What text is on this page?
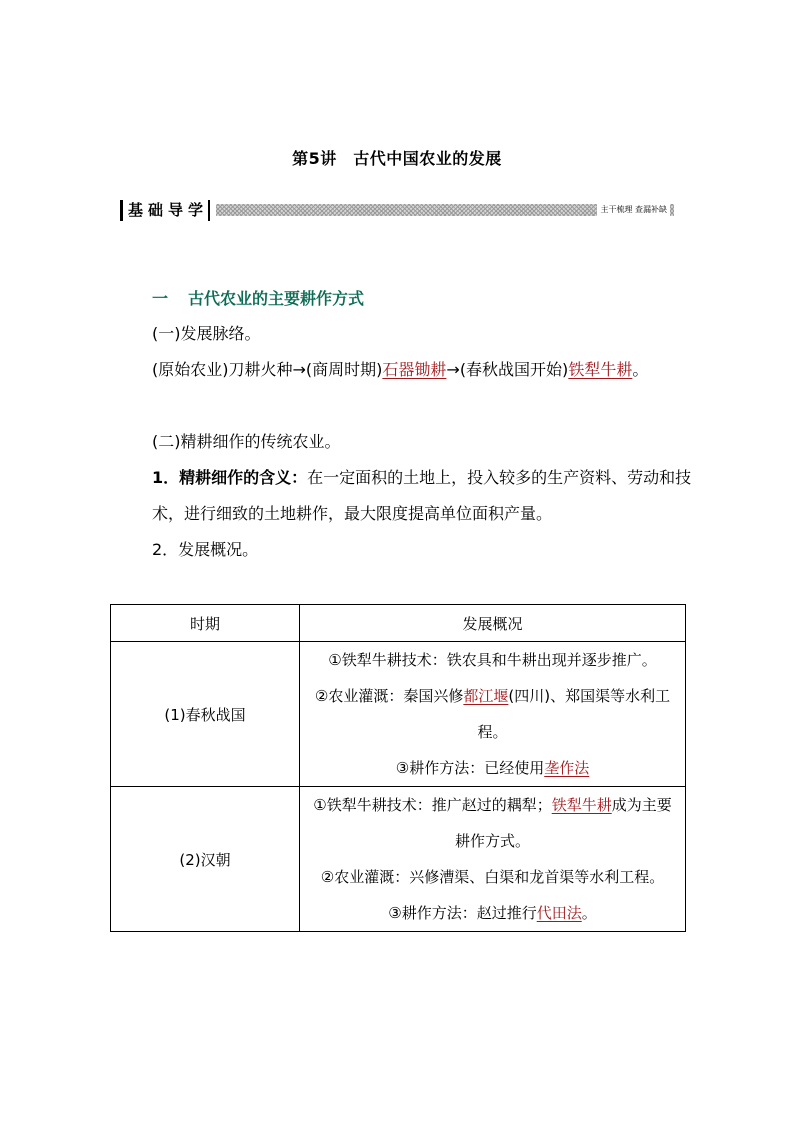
第5讲　古代中国农业的发展
基础导学	主干梳理 查漏补缺
一 古代农业的主要耕作方式
(一)发展脉络。
(原始农业)刀耕火种→(商周时期)石器锄耕→(春秋战国开始)铁犁牛耕。
(二)精耕细作的传统农业。
1．精耕细作的含义：在一定面积的土地上，投入较多的生产资料、劳动和技术，进行细致的土地耕作，最大限度提高单位面积产量。
2．发展概况。
时期	发展概况
(1)春秋战国	①铁犁牛耕技术：铁农具和牛耕出现并逐步推广。
②农业灌溉：秦国兴修都江堰(四川)、郑国渠等水利工程。
③耕作方法：已经使用垄作法

(2)汉朝	①铁犁牛耕技术：推广赵过的耦犁；铁犁牛耕成为主要耕作方式。
②农业灌溉：兴修漕渠、白渠和龙首渠等水利工程。
③耕作方法：赵过推行代田法。
